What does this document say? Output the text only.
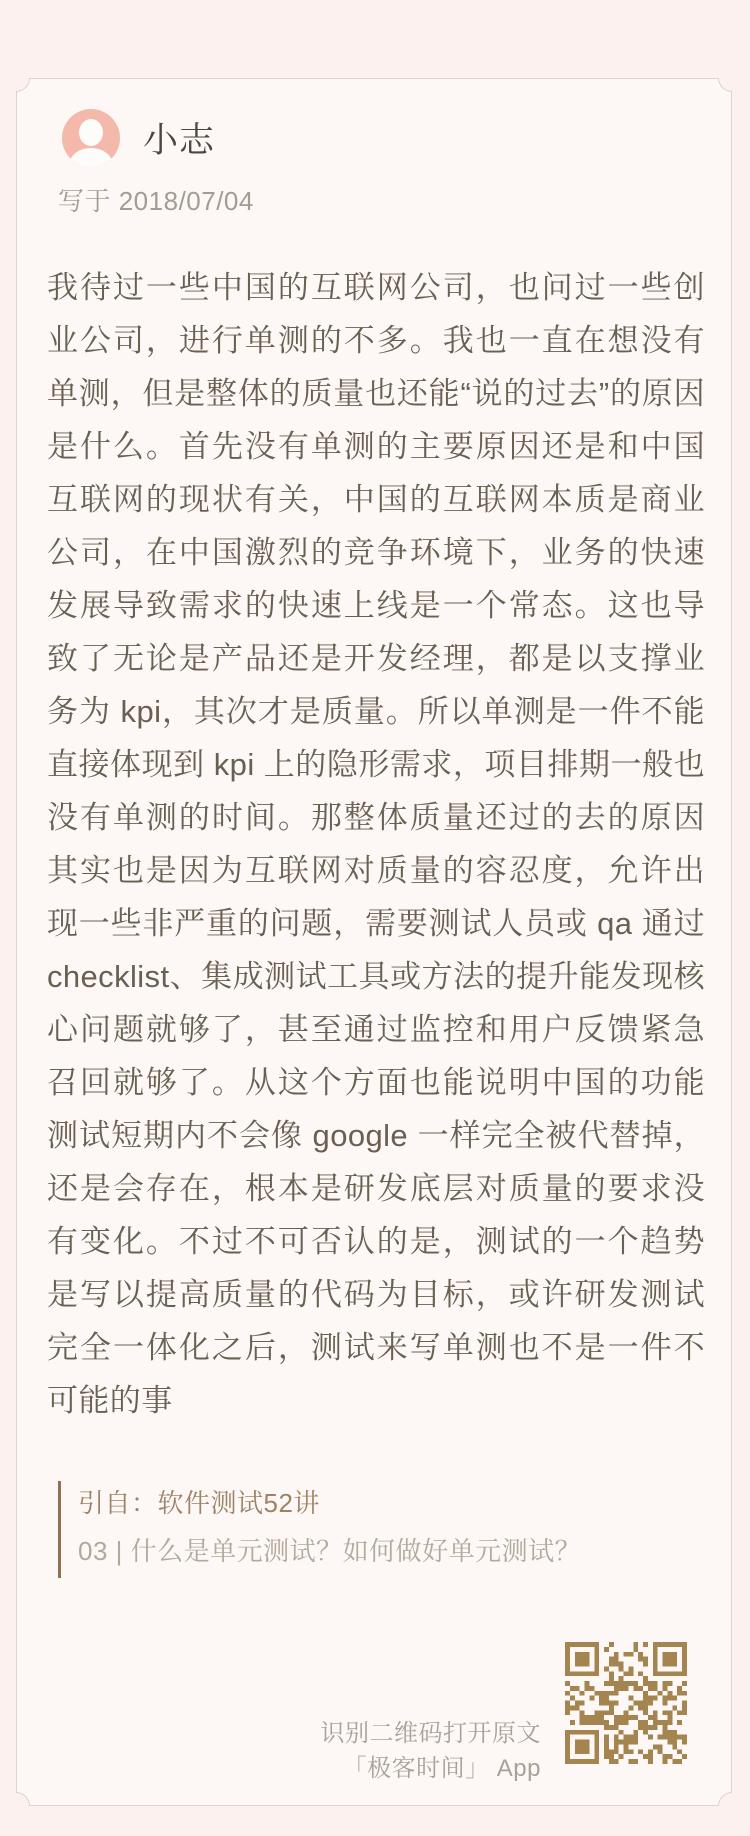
小志
写于 2018/07/04
我待过一些中国的互联网公司，也问过一些创业公司，进行单测的不多。我也一直在想没有单测，但是整体的质量也还能“说的过去”的原因是什么。首先没有单测的主要原因还是和中国互联网的现状有关，中国的互联网本质是商业公司，在中国激烈的竞争环境下，业务的快速发展导致需求的快速上线是一个常态。这也导致了无论是产品还是开发经理，都是以支撑业务为 kpi，其次才是质量。所以单测是一件不能直接体现到 kpi 上的隐形需求，项目排期一般也没有单测的时间。那整体质量还过的去的原因其实也是因为互联网对质量的容忍度，允许出现一些非严重的问题，需要测试人员或 qa 通过 checklist、集成测试工具或方法的提升能发现核心问题就够了，甚至通过监控和用户反馈紧急召回就够了。从这个方面也能说明中国的功能测试短期内不会像 google 一样完全被代替掉，还是会存在，根本是研发底层对质量的要求没有变化。不过不可否认的是，测试的一个趋势是写以提高质量的代码为目标，或许研发测试完全一体化之后，测试来写单测也不是一件不可能的事
引自：软件测试52讲
03 | 什么是单元测试？如何做好单元测试？
识别二维码打开原文
「极客时间」 App
